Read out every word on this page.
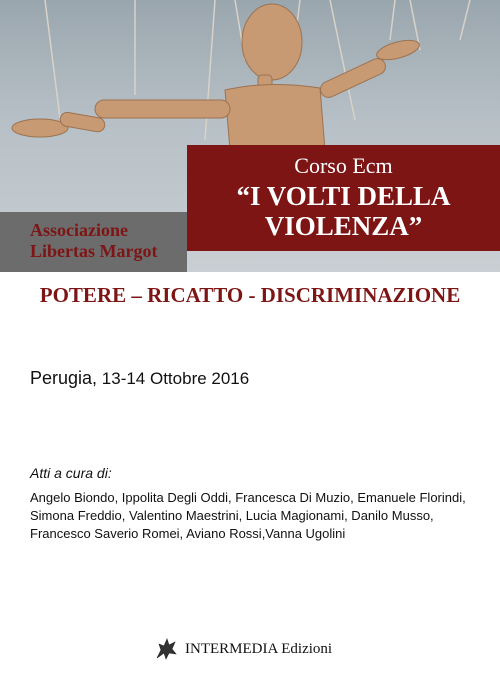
Corso Ecm
“I VOLTI DELLA
VIOLENZA”
Associazione
Libertas Margot
POTERE – RICATTO - DISCRIMINAZIONE
Perugia, 13-14 Ottobre 2016
Atti a cura di:
Angelo Biondo, Ippolita Degli Oddi, Francesca Di Muzio, Emanuele Florindi,
Simona Freddio, Valentino Maestrini, Lucia Magionami, Danilo Musso,
Francesco Saverio Romei, Aviano Rossi,Vanna Ugolini
INTERMEDIA Edizioni
